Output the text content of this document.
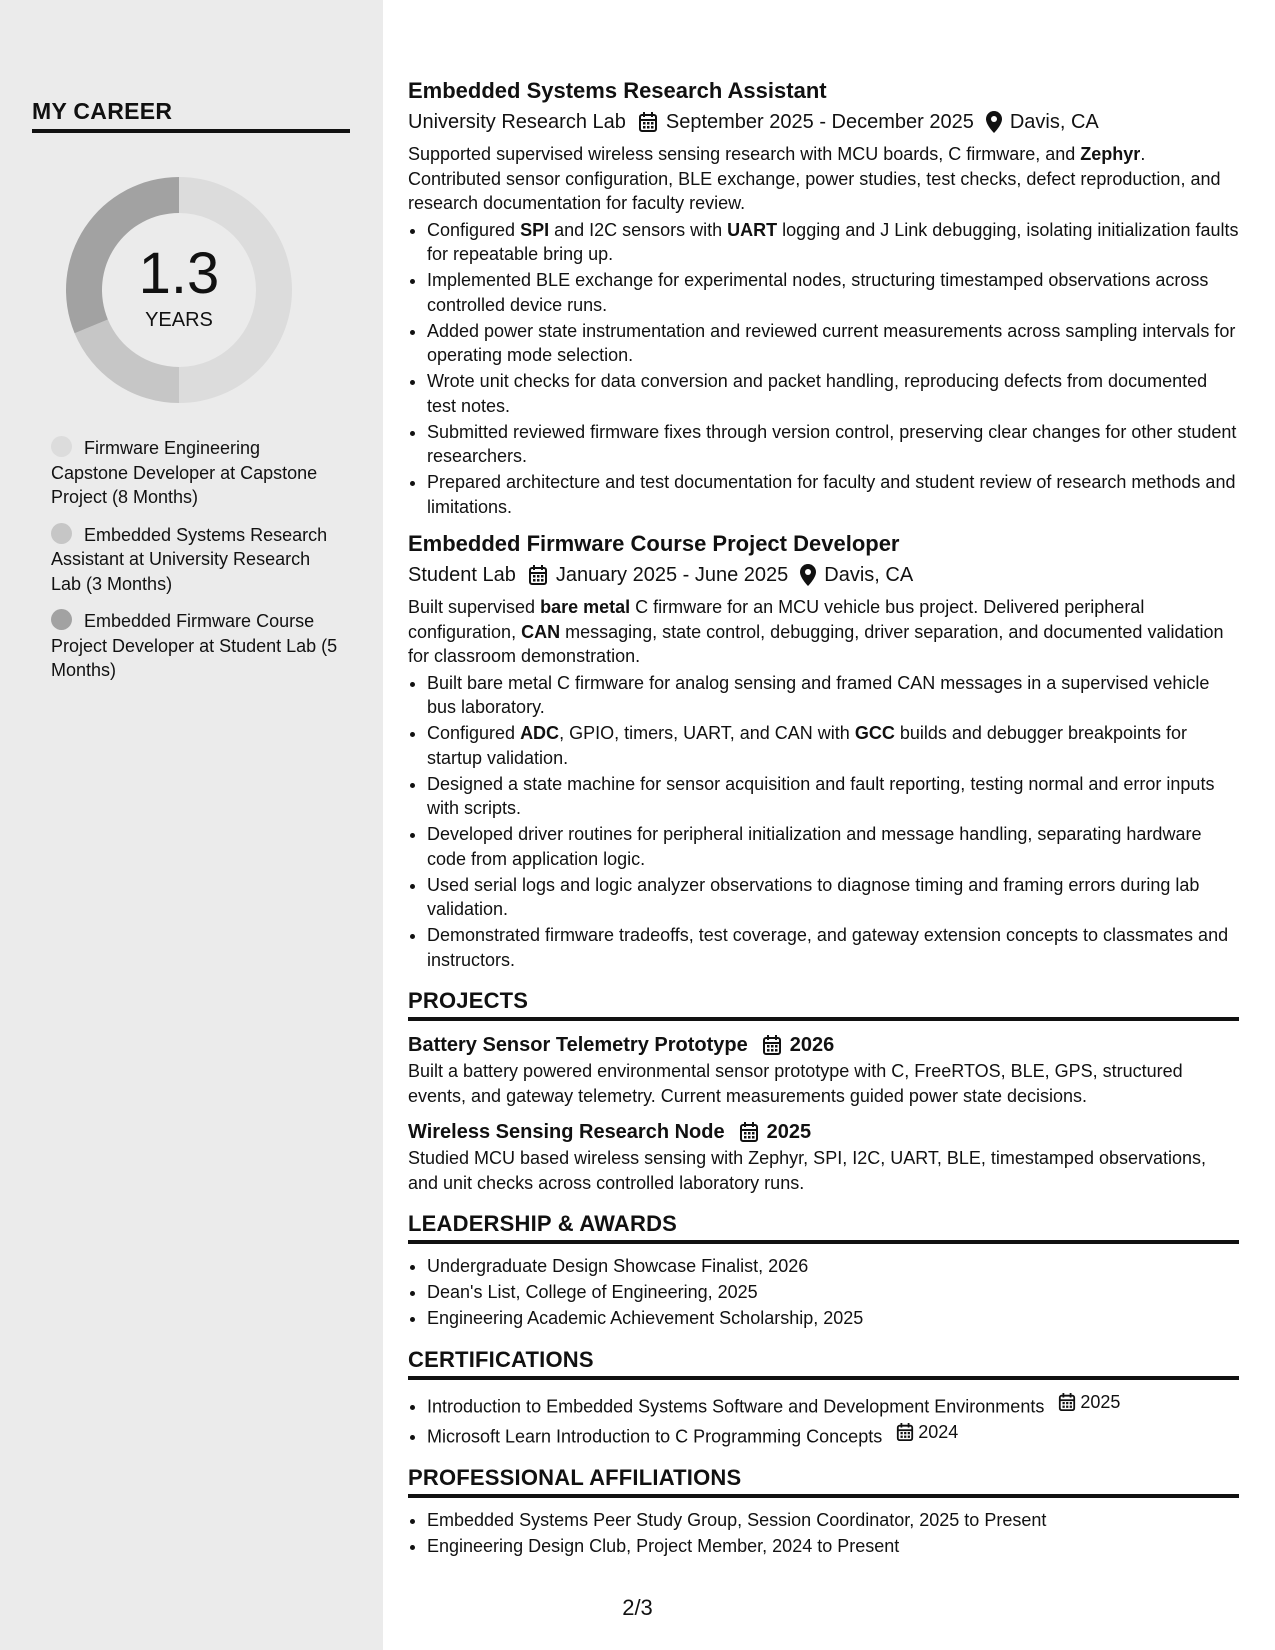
MY CAREER
1.3
YEARS
Firmware Engineering Capstone Developer at Capstone Project (8 Months)
Embedded Systems Research Assistant at University Research Lab (3 Months)
Embedded Firmware Course Project Developer at Student Lab (5 Months)
Embedded Systems Research Assistant
University Research Lab September 2025 - December 2025 Davis, CA

Supported supervised wireless sensing research with MCU boards, C firmware, and Zephyr. Contributed sensor configuration, BLE exchange, power studies, test checks, defect reproduction, and research documentation for faculty review.

• Configured SPI and I2C sensors with UART logging and J Link debugging, isolating initialization faults for repeatable bring up.
• Implemented BLE exchange for experimental nodes, structuring timestamped observations across controlled device runs.
• Added power state instrumentation and reviewed current measurements across sampling intervals for operating mode selection.
• Wrote unit checks for data conversion and packet handling, reproducing defects from documented test notes.
• Submitted reviewed firmware fixes through version control, preserving clear changes for other student researchers.
• Prepared architecture and test documentation for faculty and student review of research methods and limitations.
Embedded Firmware Course Project Developer
Student Lab January 2025 - June 2025 Davis, CA

Built supervised bare metal C firmware for an MCU vehicle bus project. Delivered peripheral configuration, CAN messaging, state control, debugging, driver separation, and documented validation for classroom demonstration.

• Built bare metal C firmware for analog sensing and framed CAN messages in a supervised vehicle bus laboratory.
• Configured ADC, GPIO, timers, UART, and CAN with GCC builds and debugger breakpoints for startup validation.
• Designed a state machine for sensor acquisition and fault reporting, testing normal and error inputs with scripts.
• Developed driver routines for peripheral initialization and message handling, separating hardware code from application logic.
• Used serial logs and logic analyzer observations to diagnose timing and framing errors during lab validation.
• Demonstrated firmware tradeoffs, test coverage, and gateway extension concepts to classmates and instructors.
PROJECTS
Battery Sensor Telemetry Prototype 2026

Built a battery powered environmental sensor prototype with C, FreeRTOS, BLE, GPS, structured events, and gateway telemetry. Current measurements guided power state decisions.

Wireless Sensing Research Node 2025

Studied MCU based wireless sensing with Zephyr, SPI, I2C, UART, BLE, timestamped observations, and unit checks across controlled laboratory runs.

LEADERSHIP & AWARDS
• Undergraduate Design Showcase Finalist, 2026
• Dean's List, College of Engineering, 2025
• Engineering Academic Achievement Scholarship, 2025
CERTIFICATIONS
• Introduction to Embedded Systems Software and Development Environments 2025
• Microsoft Learn Introduction to C Programming Concepts 2024
PROFESSIONAL AFFILIATIONS
• Embedded Systems Peer Study Group, Session Coordinator, 2025 to Present
• Engineering Design Club, Project Member, 2024 to Present
2/3
